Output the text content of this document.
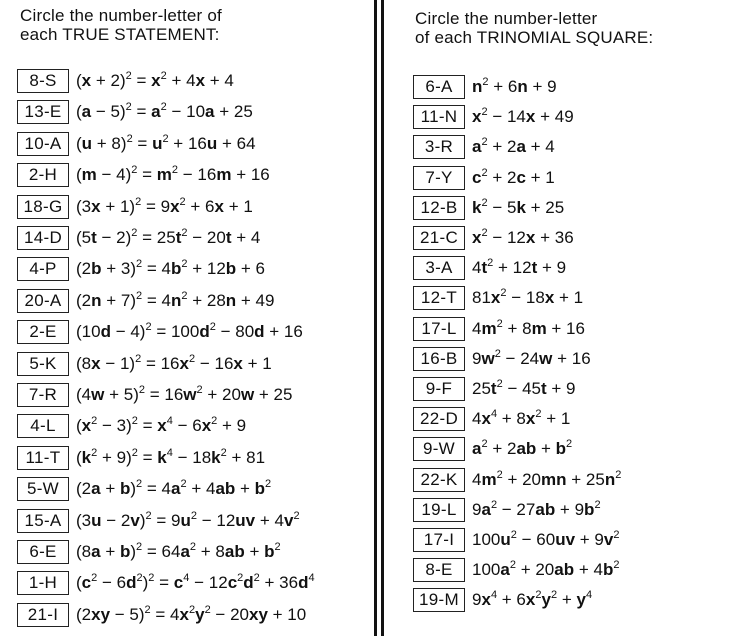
Circle the number-letter of
each TRUE STATEMENT:
8-S	$(x + 2)^2 = x^2 + 4x + 4$
13-E $(a - 5)^2 = a^2 - 10a + 25$
10-A $(u + 8)^2 = u^2 + 16u + 64$
2-H	$(m - 4)^2 = m^2 - 16m + 16$
18-G $(3x + 1)^2 = 9x^2 + 6x + 1$
14-D $(5t - 2)^2 = 25t^2 - 20t + 4$
4-P	$(2b + 3)^2 = 4b^2 + 12b + 6$
20-A $(2n + 7)^2 = 4n^2 + 28n + 49$
2-E	$(10d - 4)^2 = 100d^2 - 80d + 16$
5-K	$(8x - 1)^2 = 16x^2 - 16x + 1$
7-R	$(4w + 5)^2 = 16w^2 + 20w + 25$
4-L	$(x^2 - 3)^2 = x^4 - 6x^2 + 9$
11-T $(k^2 + 9)^2 = k^4 - 18k^2 + 81$
5-W $(2a + b)^2 = 4a^2 + 4ab + b^2$
15-A $(3u - 2v)^2 = 9u^2 - 12uv + 4v^2$
6-E	$(8a + b)^2 = 64a^2 + 8ab + b^2$
1-H	$(c^2 - 6d^2)^2 = c^4 - 12c^2d^2 + 36d^4$
21-I	$(2xy - 5)^2 = 4x^2y^2 - 20xy + 10$
Circle the number-letter
of each TRINOMIAL SQUARE:
6-A	$n^2 + 6n + 9$
11-N $x^2 - 14x + 49$
3-R	$a^2 + 2a + 4$
7-Y	$c^2 + 2c + 1$
12-B $k^2 - 5k + 25$
21-C $x^2 - 12x + 36$
3-A	$4t^2 + 12t + 9$
12-T $81x^2 - 18x + 1$
17-L $4m^2 + 8m + 16$
16-B $9w^2 - 24w + 16$
9-F	$25t^2 - 45t + 9$
22-D $4x^4 + 8x^2 + 1$
9-W $a^2 + 2ab + b^2$
22-K $4m^2 + 20mn + 25n^2$
19-L $9a^2 - 27ab + 9b^2$
17-I	$100u^2 - 60uv + 9v^2$
8-E	$100a^2 + 20ab + 4b^2$
19-M $9x^4 + 6x^2y^2 + y^4$
